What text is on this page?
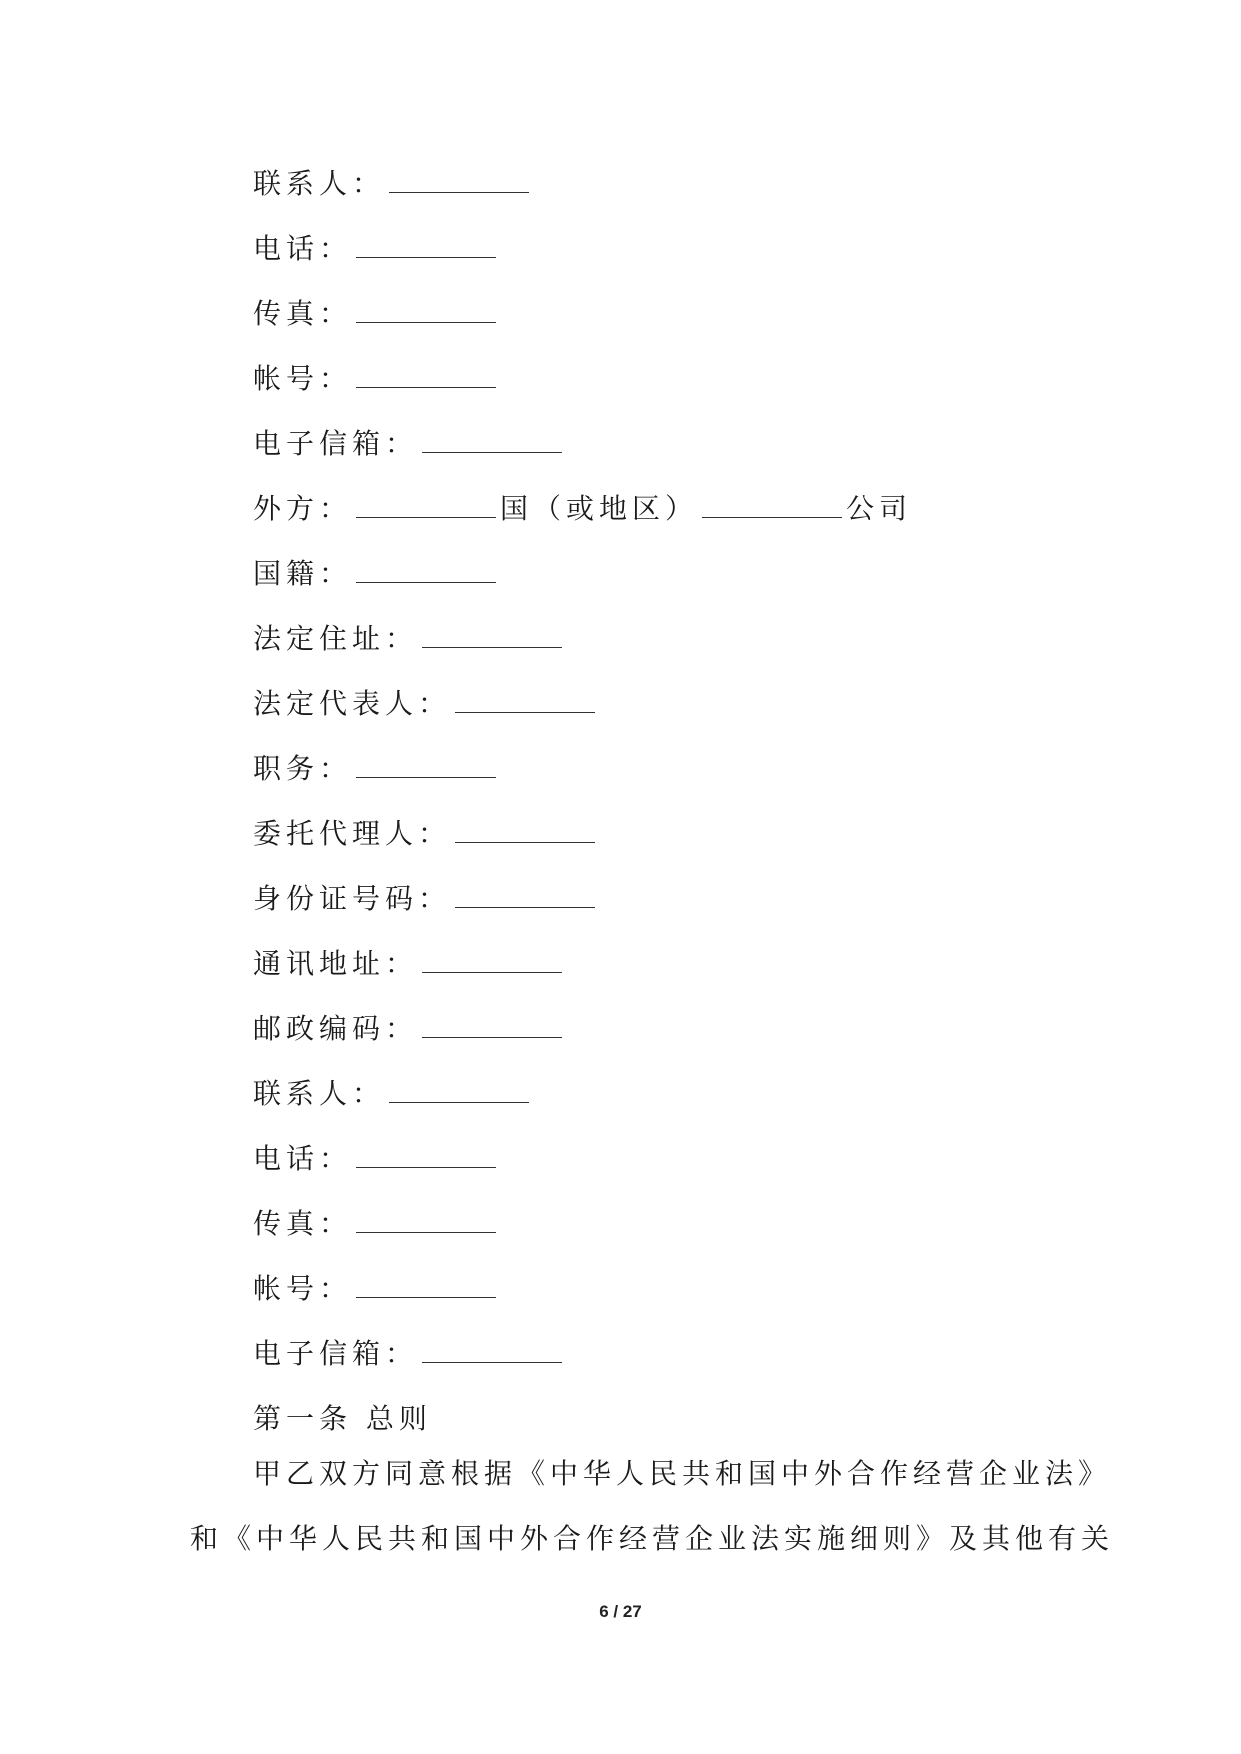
联系人：
电话：
传真：
帐号：
电子信箱：
外方：	国（或地区）	公司
国籍：
法定住址：
法定代表人：
职务：
委托代理人：
身份证号码：
通讯地址：
邮政编码：
联系人：
电话：
传真：
帐号：
电子信箱：
第一条 总则
甲乙双方同意根据《中华人民共和国中外合作经营企业法》
和《中华人民共和国中外合作经营企业法实施细则》及其他有关
6 / 27
